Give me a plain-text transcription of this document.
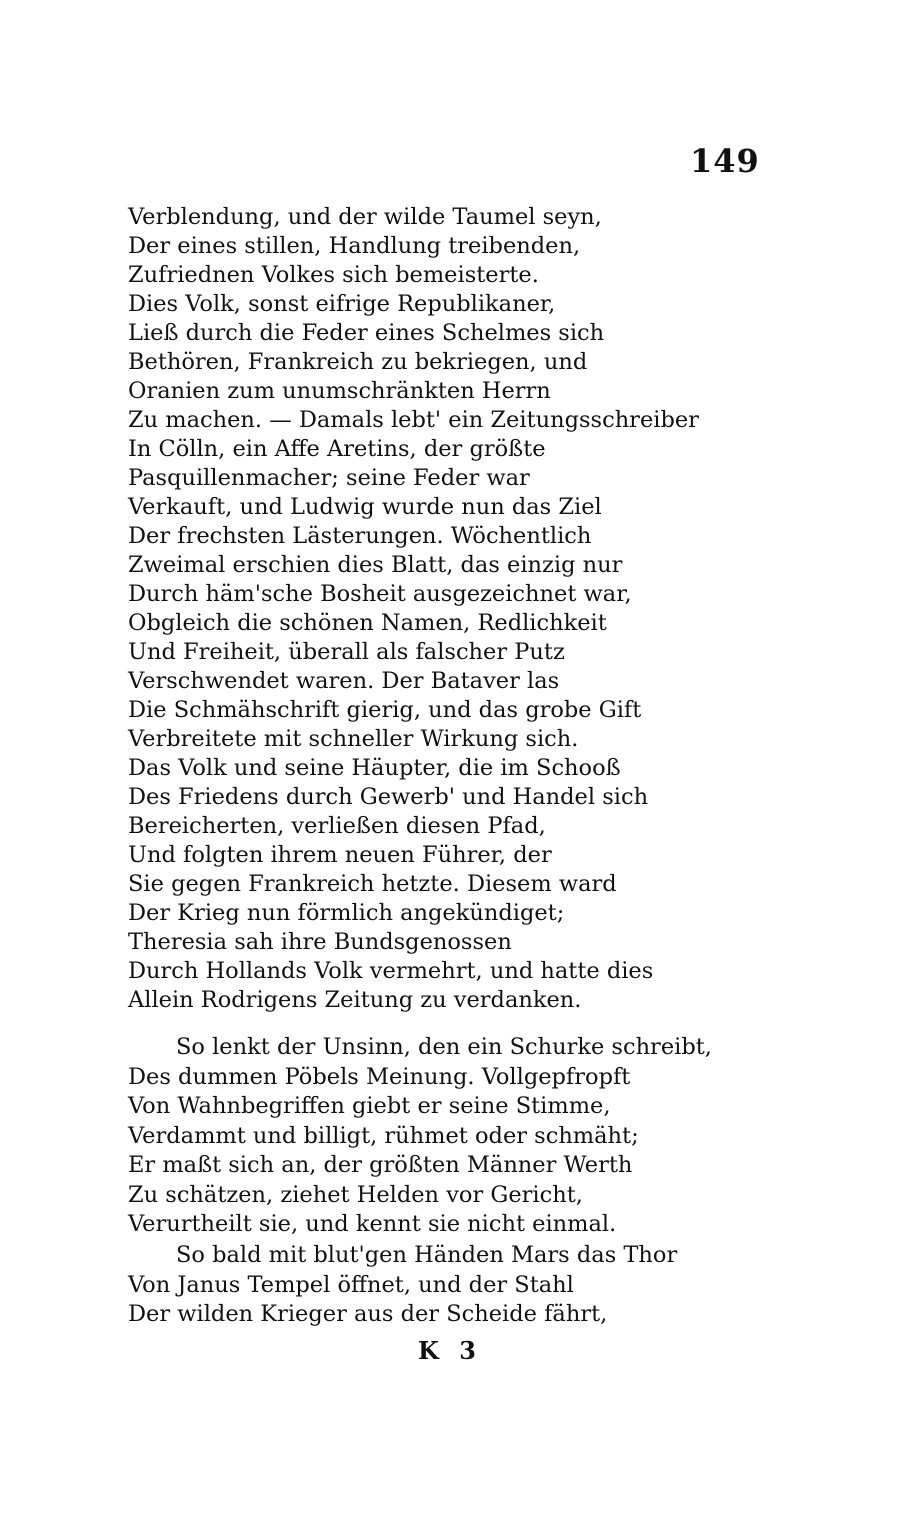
149
Verblendung, und der wilde Taumel seyn,
Der eines stillen, Handlung treibenden,
Zufriednen Volkes sich bemeisterte.
Dies Volk, sonst eifrige Republikaner,
Ließ durch die Feder eines Schelmes sich
Bethören, Frankreich zu bekriegen, und
Oranien zum unumschränkten Herrn
Zu machen. — Damals lebt' ein Zeitungsschreiber
In Cölln, ein Affe Aretins, der größte
Pasquillenmacher; seine Feder war
Verkauft, und Ludwig wurde nun das Ziel
Der frechsten Lästerungen. Wöchentlich
Zweimal erschien dies Blatt, das einzig nur
Durch häm'sche Bosheit ausgezeichnet war,
Obgleich die schönen Namen, Redlichkeit
Und Freiheit, überall als falscher Putz
Verschwendet waren. Der Bataver las
Die Schmähschrift gierig, und das grobe Gift
Verbreitete mit schneller Wirkung sich.
Das Volk und seine Häupter, die im Schooß
Des Friedens durch Gewerb' und Handel sich
Bereicherten, verließen diesen Pfad,
Und folgten ihrem neuen Führer, der
Sie gegen Frankreich hetzte. Diesem ward
Der Krieg nun förmlich angekündiget;
Theresia sah ihre Bundsgenossen
Durch Hollands Volk vermehrt, und hatte dies
Allein Rodrigens Zeitung zu verdanken.
So lenkt der Unsinn, den ein Schurke schreibt,
Des dummen Pöbels Meinung. Vollgepfropft
Von Wahnbegriffen giebt er seine Stimme,
Verdammt und billigt, rühmet oder schmäht;
Er maßt sich an, der größten Männer Werth
Zu schätzen, ziehet Helden vor Gericht,
Verurtheilt sie, und kennt sie nicht einmal.
So bald mit blut'gen Händen Mars das Thor
Von Janus Tempel öffnet, und der Stahl
Der wilden Krieger aus der Scheide fährt,
K 3
